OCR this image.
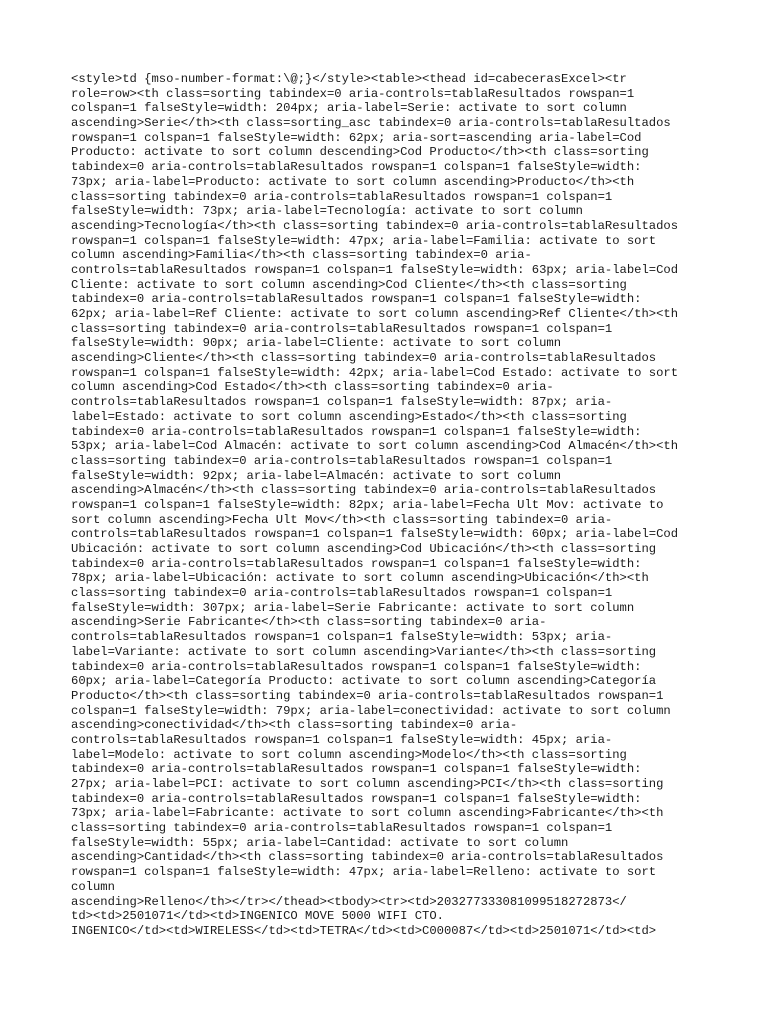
<style>td {mso-number-format:\@;}</style><table><thead id=cabecerasExcel><tr
role=row><th class=sorting tabindex=0 aria-controls=tablaResultados rowspan=1
colspan=1 falseStyle=width: 204px; aria-label=Serie: activate to sort column
ascending>Serie</th><th class=sorting_asc tabindex=0 aria-controls=tablaResultados
rowspan=1 colspan=1 falseStyle=width: 62px; aria-sort=ascending aria-label=Cod
Producto: activate to sort column descending>Cod Producto</th><th class=sorting
tabindex=0 aria-controls=tablaResultados rowspan=1 colspan=1 falseStyle=width:
73px; aria-label=Producto: activate to sort column ascending>Producto</th><th
class=sorting tabindex=0 aria-controls=tablaResultados rowspan=1 colspan=1
falseStyle=width: 73px; aria-label=Tecnología: activate to sort column
ascending>Tecnología</th><th class=sorting tabindex=0 aria-controls=tablaResultados
rowspan=1 colspan=1 falseStyle=width: 47px; aria-label=Familia: activate to sort
column ascending>Familia</th><th class=sorting tabindex=0 aria-
controls=tablaResultados rowspan=1 colspan=1 falseStyle=width: 63px; aria-label=Cod
Cliente: activate to sort column ascending>Cod Cliente</th><th class=sorting
tabindex=0 aria-controls=tablaResultados rowspan=1 colspan=1 falseStyle=width:
62px; aria-label=Ref Cliente: activate to sort column ascending>Ref Cliente</th><th
class=sorting tabindex=0 aria-controls=tablaResultados rowspan=1 colspan=1
falseStyle=width: 90px; aria-label=Cliente: activate to sort column
ascending>Cliente</th><th class=sorting tabindex=0 aria-controls=tablaResultados
rowspan=1 colspan=1 falseStyle=width: 42px; aria-label=Cod Estado: activate to sort
column ascending>Cod Estado</th><th class=sorting tabindex=0 aria-
controls=tablaResultados rowspan=1 colspan=1 falseStyle=width: 87px; aria-
label=Estado: activate to sort column ascending>Estado</th><th class=sorting
tabindex=0 aria-controls=tablaResultados rowspan=1 colspan=1 falseStyle=width:
53px; aria-label=Cod Almacén: activate to sort column ascending>Cod Almacén</th><th
class=sorting tabindex=0 aria-controls=tablaResultados rowspan=1 colspan=1
falseStyle=width: 92px; aria-label=Almacén: activate to sort column
ascending>Almacén</th><th class=sorting tabindex=0 aria-controls=tablaResultados
rowspan=1 colspan=1 falseStyle=width: 82px; aria-label=Fecha Ult Mov: activate to
sort column ascending>Fecha Ult Mov</th><th class=sorting tabindex=0 aria-
controls=tablaResultados rowspan=1 colspan=1 falseStyle=width: 60px; aria-label=Cod
Ubicación: activate to sort column ascending>Cod Ubicación</th><th class=sorting
tabindex=0 aria-controls=tablaResultados rowspan=1 colspan=1 falseStyle=width:
78px; aria-label=Ubicación: activate to sort column ascending>Ubicación</th><th
class=sorting tabindex=0 aria-controls=tablaResultados rowspan=1 colspan=1
falseStyle=width: 307px; aria-label=Serie Fabricante: activate to sort column
ascending>Serie Fabricante</th><th class=sorting tabindex=0 aria-
controls=tablaResultados rowspan=1 colspan=1 falseStyle=width: 53px; aria-
label=Variante: activate to sort column ascending>Variante</th><th class=sorting
tabindex=0 aria-controls=tablaResultados rowspan=1 colspan=1 falseStyle=width:
60px; aria-label=Categoría Producto: activate to sort column ascending>Categoría
Producto</th><th class=sorting tabindex=0 aria-controls=tablaResultados rowspan=1
colspan=1 falseStyle=width: 79px; aria-label=conectividad: activate to sort column
ascending>conectividad</th><th class=sorting tabindex=0 aria-
controls=tablaResultados rowspan=1 colspan=1 falseStyle=width: 45px; aria-
label=Modelo: activate to sort column ascending>Modelo</th><th class=sorting
tabindex=0 aria-controls=tablaResultados rowspan=1 colspan=1 falseStyle=width:
27px; aria-label=PCI: activate to sort column ascending>PCI</th><th class=sorting
tabindex=0 aria-controls=tablaResultados rowspan=1 colspan=1 falseStyle=width:
73px; aria-label=Fabricante: activate to sort column ascending>Fabricante</th><th
class=sorting tabindex=0 aria-controls=tablaResultados rowspan=1 colspan=1
falseStyle=width: 55px; aria-label=Cantidad: activate to sort column
ascending>Cantidad</th><th class=sorting tabindex=0 aria-controls=tablaResultados
rowspan=1 colspan=1 falseStyle=width: 47px; aria-label=Relleno: activate to sort
column
ascending>Relleno</th></tr></thead><tbody><tr><td>203277333081099518272873</
td><td>2501071</td><td>INGENICO MOVE 5000 WIFI CTO.
INGENICO</td><td>WIRELESS</td><td>TETRA</td><td>C000087</td><td>2501071</td><td>
